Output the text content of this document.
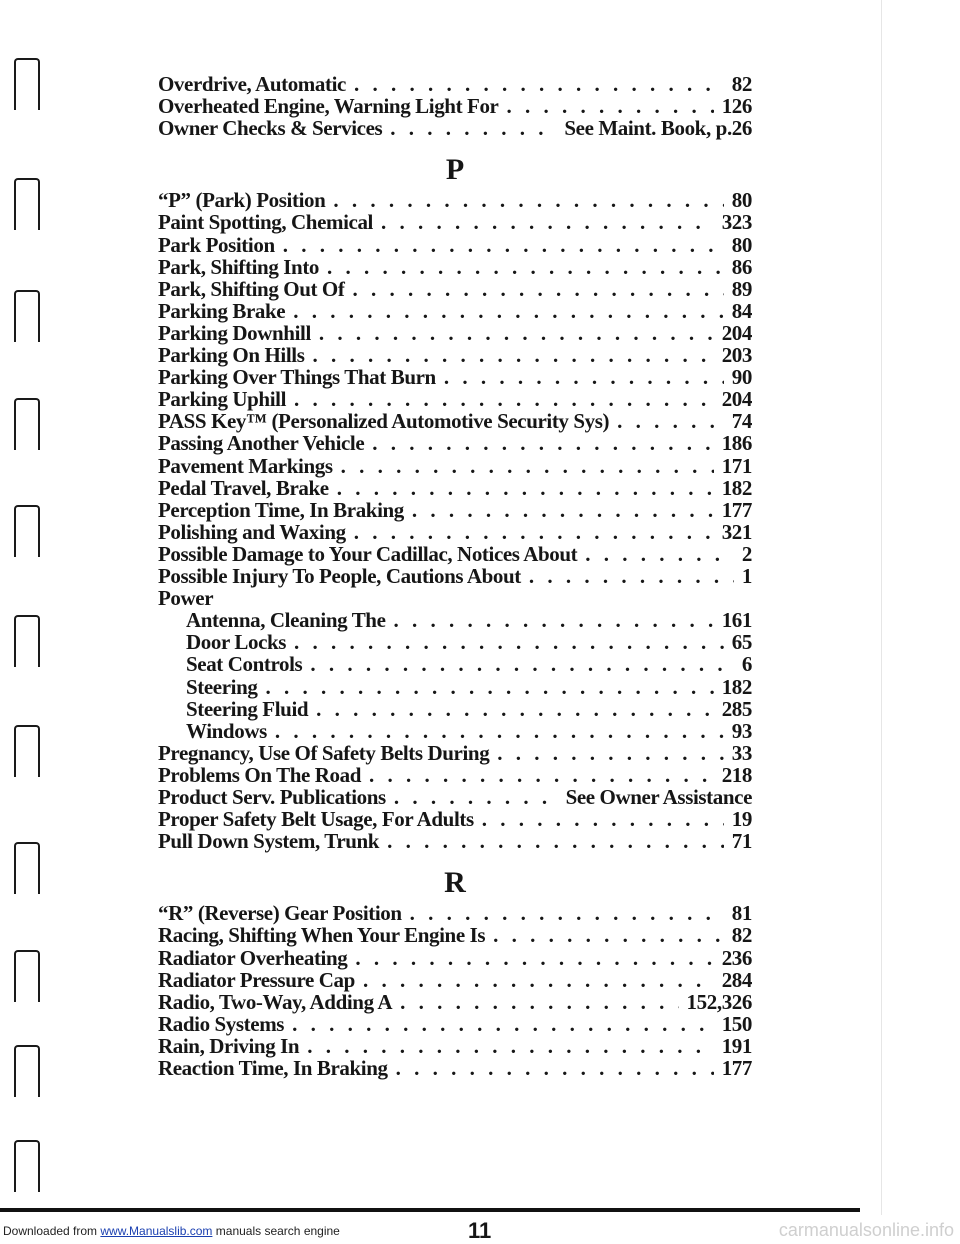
Overdrive, Automatic . . .	82
Overheated Engine, Warning Light For . . .	126
Owner Checks & Services . . .	See Maint. Book, p.26
P
“P” (Park) Position . . .	80
Paint Spotting, Chemical . . .	323
Park Position . . .	80
Park, Shifting Into . . .	86
Park, Shifting Out Of . . .	89
Parking Brake . . .	84
Parking Downhill . . .	204
Parking On Hills . . .	203
Parking Over Things That Burn . . .	90
Parking Uphill . . .	204
PASS Key™ (Personalized Automotive Security Sys) . . .	74
Passing Another Vehicle . . .	186
Pavement Markings . . .	171
Pedal Travel, Brake . . .	182
Perception Time, In Braking . . .	177
Polishing and Waxing . . .	321
Possible Damage to Your Cadillac, Notices About . . .	2
Possible Injury To People, Cautions About . . .	1
Power
Antenna, Cleaning The . . .	161
Door Locks . . .	65
Seat Controls . . .	6
Steering . . .	182
Steering Fluid . . .	285
Windows . . .	93
Pregnancy, Use Of Safety Belts During . . .	33
Problems On The Road . . .	218
Product Serv. Publications . . .	See Owner Assistance
Proper Safety Belt Usage, For Adults . . .	19
Pull Down System, Trunk . . .	71
R
“R” (Reverse) Gear Position . . .	81
Racing, Shifting When Your Engine Is . . .	82
Radiator Overheating . . .	236
Radiator Pressure Cap . . .	284
Radio, Two-Way, Adding A . . .	152,326
Radio Systems . . .	150
Rain, Driving In . . .	191
Reaction Time, In Braking . . .	177
Downloaded from www.Manualslib.com manuals search engine	11	carmanualsonline.info
